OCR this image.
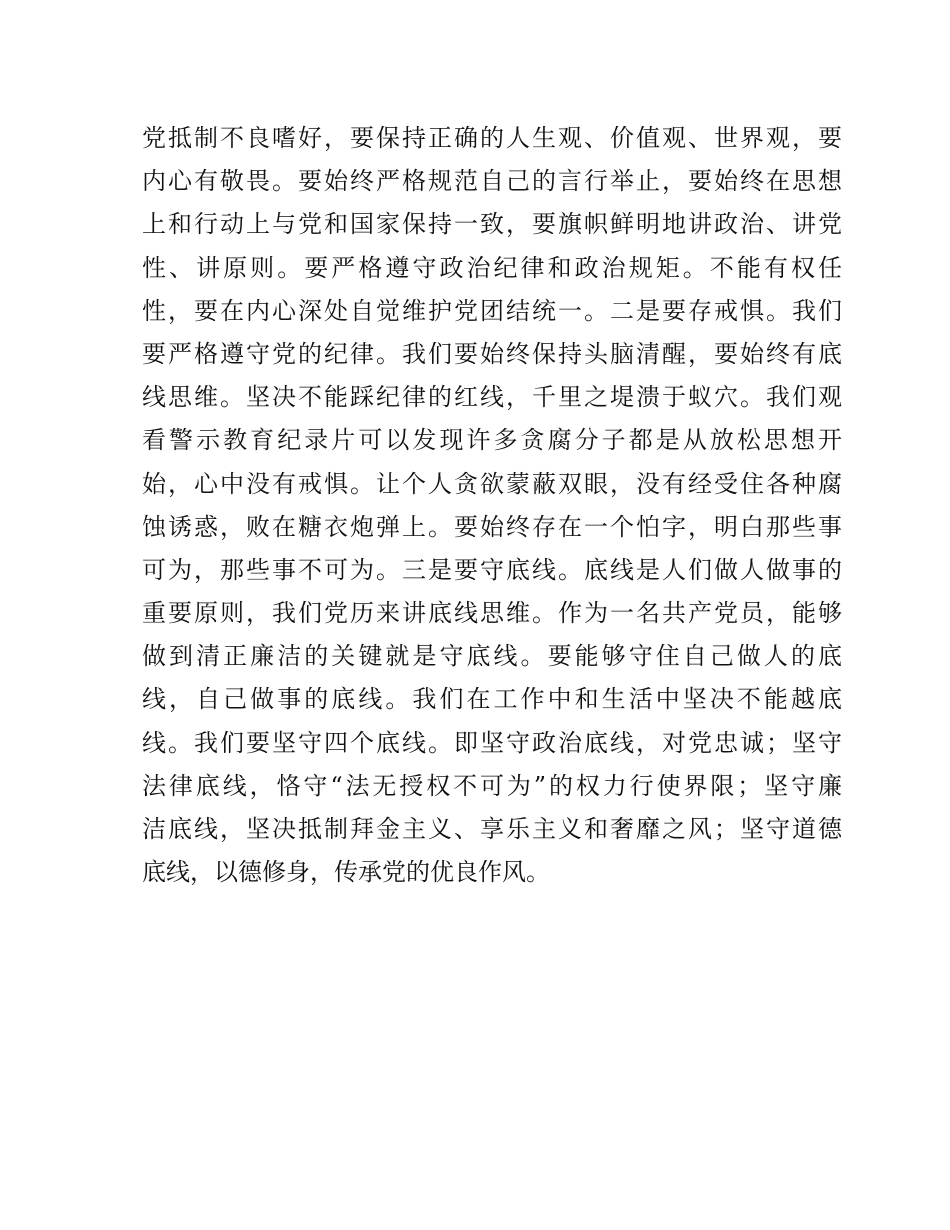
党抵制不良嗜好，要保持正确的人生观、价值观、世界观，要
内心有敬畏。要始终严格规范自己的言行举止，要始终在思想
上和行动上与党和国家保持一致，要旗帜鲜明地讲政治、讲党
性、讲原则。要严格遵守政治纪律和政治规矩。不能有权任
性，要在内心深处自觉维护党团结统一。二是要存戒惧。我们
要严格遵守党的纪律。我们要始终保持头脑清醒，要始终有底
线思维。坚决不能踩纪律的红线，千里之堤溃于蚁穴。我们观
看警示教育纪录片可以发现许多贪腐分子都是从放松思想开
始，心中没有戒惧。让个人贪欲蒙蔽双眼，没有经受住各种腐
蚀诱惑，败在糖衣炮弹上。要始终存在一个怕字，明白那些事
可为，那些事不可为。三是要守底线。底线是人们做人做事的
重要原则，我们党历来讲底线思维。作为一名共产党员，能够
做到清正廉洁的关键就是守底线。要能够守住自己做人的底
线，自己做事的底线。我们在工作中和生活中坚决不能越底
线。我们要坚守四个底线。即坚守政治底线，对党忠诚；坚守
法律底线，恪守“法无授权不可为”的权力行使界限；坚守廉
洁底线，坚决抵制拜金主义、享乐主义和奢靡之风；坚守道德
底线，以德修身，传承党的优良作风。
